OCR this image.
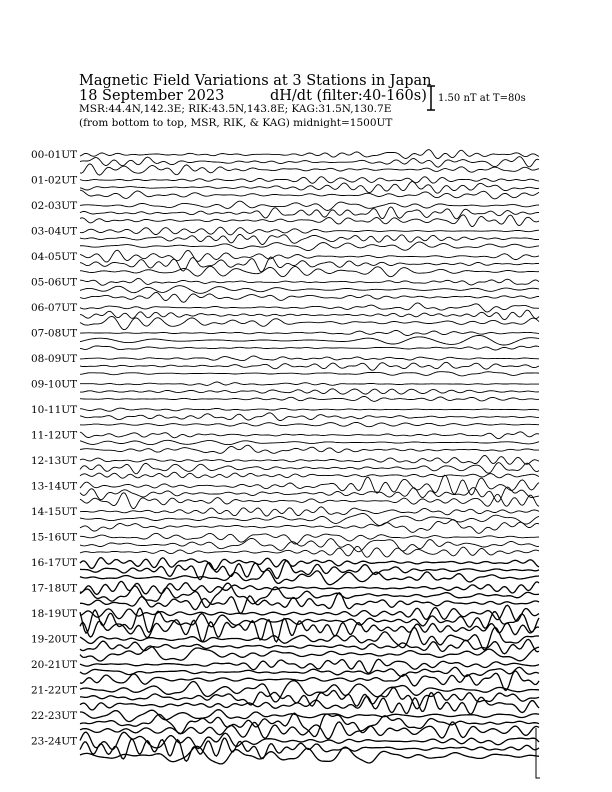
Magnetic Field Variations at 3 Stations in Japan
18 September 2023	dH/dt (filter:40-160s)
MSR:44.4N,142.3E; RIK:43.5N,143.8E; KAG:31.5N,130.7E
(from bottom to top, MSR, RIK, & KAG) midnight=1500UT
1.50 nT at T=80s
00-01UT
01-02UT
02-03UT
03-04UT
04-05UT
05-06UT
06-07UT
07-08UT
08-09UT
09-10UT
10-11UT
11-12UT
12-13UT
13-14UT
14-15UT
15-16UT
16-17UT
17-18UT
18-19UT
19-20UT
20-21UT
21-22UT
22-23UT
23-24UT
